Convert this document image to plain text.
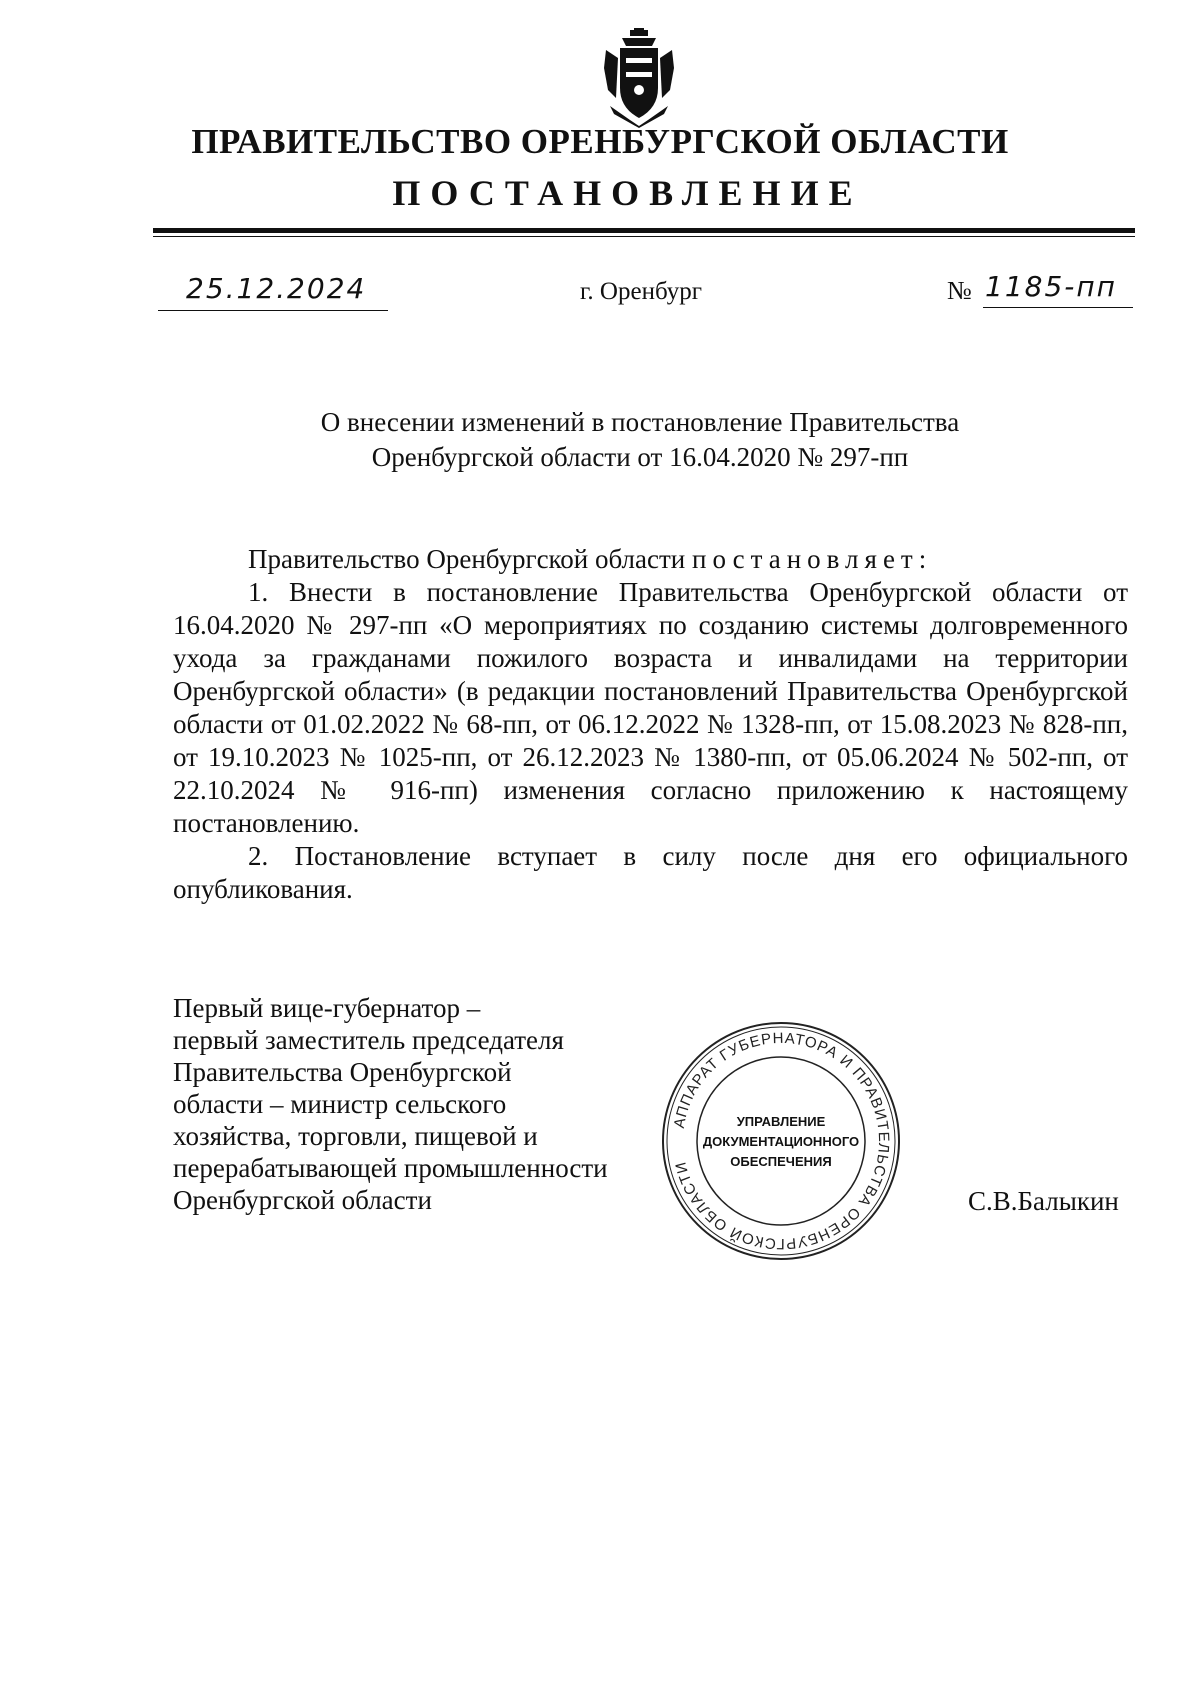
ПРАВИТЕЛЬСТВО ОРЕНБУРГСКОЙ ОБЛАСТИ
ПОСТАНОВЛЕНИЕ
25.12.2024	г. Оренбург	№ 1185-пп
О внесении изменений в постановление Правительства
Оренбургской области от 16.04.2020 № 297-пп

Правительство Оренбургской области постановляет:

1. Внести в постановление Правительства Оренбургской области от 16.04.2020 № 297-пп «О мероприятиях по созданию системы долговременного ухода за гражданами пожилого возраста и инвалидами на территории Оренбургской области» (в редакции постановлений Правительства Оренбургской области от 01.02.2022 № 68-пп, от 06.12.2022 № 1328-пп, от 15.08.2023 № 828-пп, от 19.10.2023 № 1025-пп, от 26.12.2023 № 1380-пп, от 05.06.2024 № 502-пп, от 22.10.2024 № 916-пп) изменения согласно приложению к настоящему постановлению.

2. Постановление вступает в силу после дня его официального опубликования.

Первый вице-губернатор –
первый заместитель председателя
Правительства Оренбургской
области – министр сельского
хозяйства, торговли, пищевой и
перерабатывающей промышленности
Оренбургской области	С.В.Балыкин
АППАРАТ ГУБЕРНАТОРА И ПРАВИТЕЛЬСТВА ОРЕНБУРГСКОЙ ОБЛАСТИ
УПРАВЛЕНИЕ
ДОКУМЕНТАЦИОННОГО
ОБЕСПЕЧЕНИЯ
